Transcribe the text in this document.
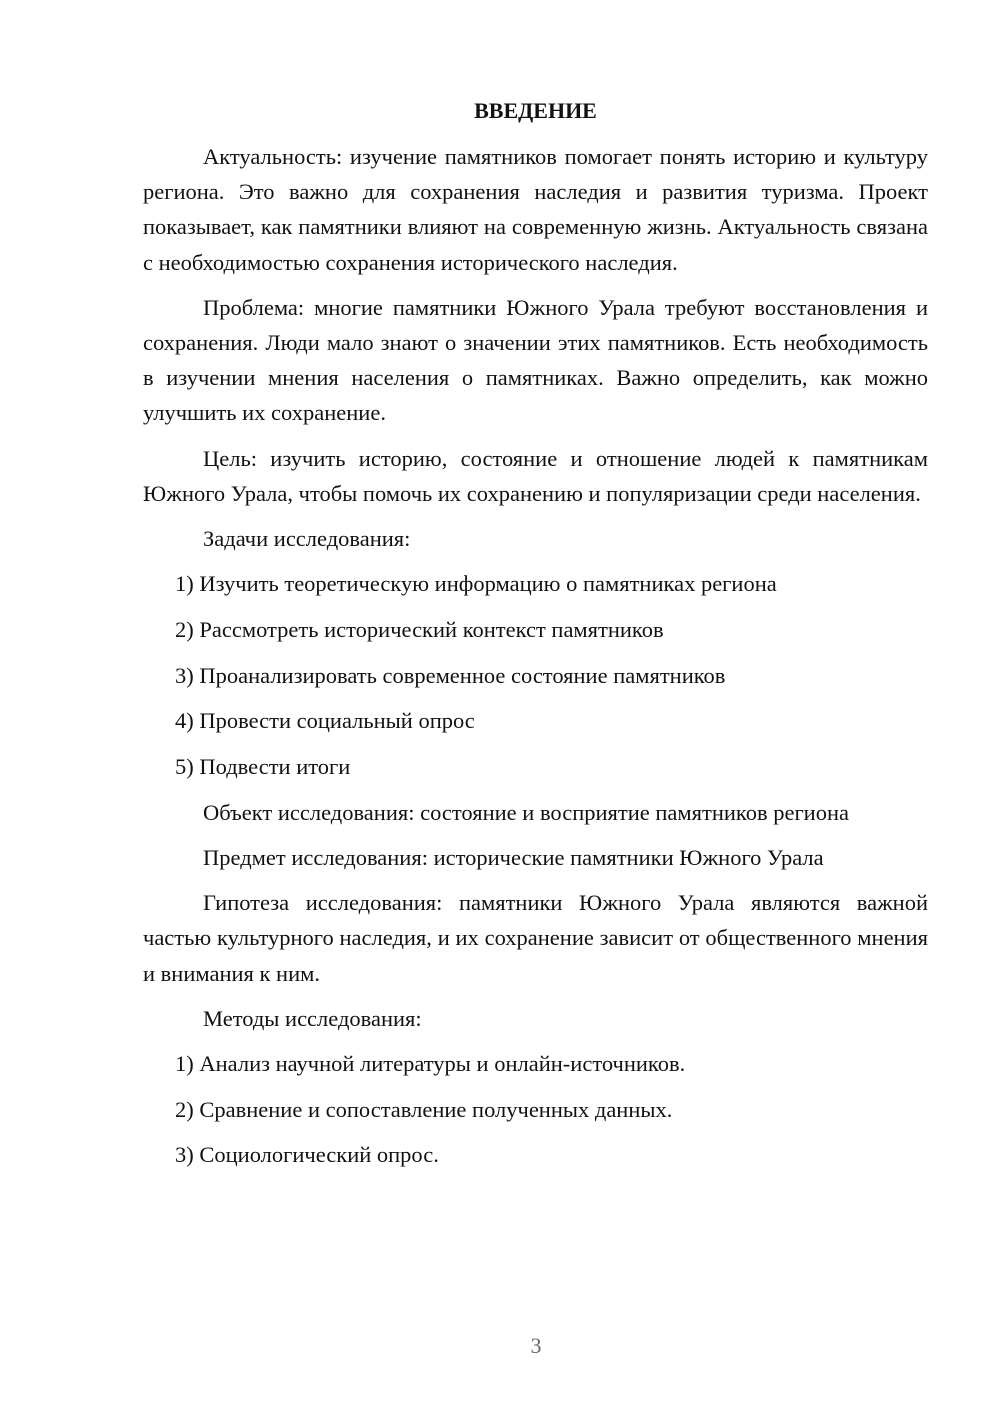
ВВЕДЕНИЕ

Актуальность: изучение памятников помогает понять историю и культуру региона. Это важно для сохранения наследия и развития туризма. Проект показывает, как памятники влияют на современную жизнь. Актуальность связана с необходимостью сохранения исторического наследия.

Проблема: многие памятники Южного Урала требуют восстановления и сохранения. Люди мало знают о значении этих памятников. Есть необходимость в изучении мнения населения о памятниках. Важно определить, как можно улучшить их сохранение.

Цель: изучить историю, состояние и отношение людей к памятникам Южного Урала, чтобы помочь их сохранению и популяризации среди населения.

Задачи исследования:

1) Изучить теоретическую информацию о памятниках региона
2) Рассмотреть исторический контекст памятников
3) Проанализировать современное состояние памятников
4) Провести социальный опрос
5) Подвести итоги

Объект исследования: состояние и восприятие памятников региона

Предмет исследования: исторические памятники Южного Урала

Гипотеза исследования: памятники Южного Урала являются важной частью культурного наследия, и их сохранение зависит от общественного мнения и внимания к ним.

Методы исследования:

1) Анализ научной литературы и онлайн-источников.
2) Сравнение и сопоставление полученных данных.
3) Социологический опрос.
3
